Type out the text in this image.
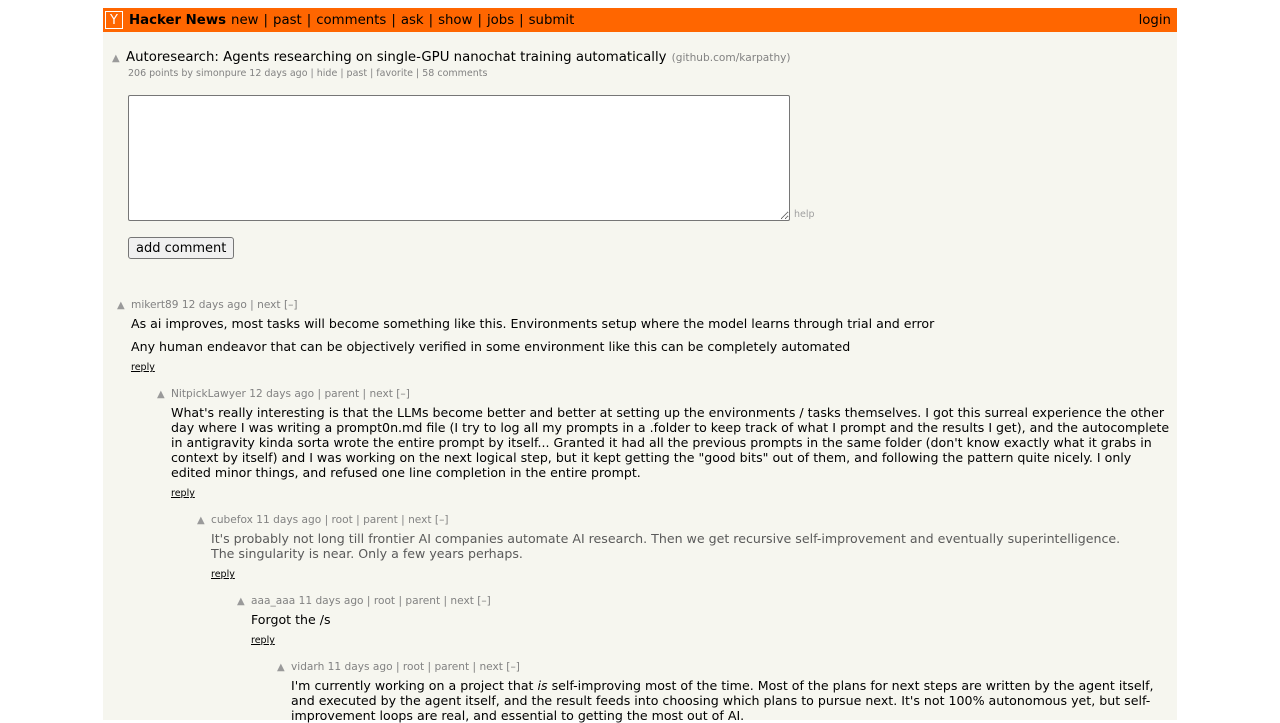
Y Hacker News new | past | comments | ask | show | jobs | submit	login
▲ Autoresearch: Agents researching on single-GPU nanochat training automatically (github.com/karpathy)
206 points by simonpure 12 days ago | hide | past | favorite | 58 comments
help
add comment
▲ mikert89 12 days ago | next [–]

As ai improves, most tasks will become something like this. Environments setup where the model learns through trial and error

Any human endeavor that can be objectively verified in some environment like this can be completely automated

reply
▲ NitpickLawyer 12 days ago | parent | next [–]

What's really interesting is that the LLMs become better and better at setting up the environments / tasks themselves. I got this surreal experience the other day where I was writing a prompt0n.md file (I try to log all my prompts in a .folder to keep track of what I prompt and the results I get), and the autocomplete in antigravity kinda sorta wrote the entire prompt by itself... Granted it had all the previous prompts in the same folder (don't know exactly what it grabs in context by itself) and I was working on the next logical step, but it kept getting the "good bits" out of them, and following the pattern quite nicely. I only edited minor things, and refused one line completion in the entire prompt.

reply
▲ cubefox 11 days ago | root | parent | next [–]

It's probably not long till frontier AI companies automate AI research. Then we get recursive self-improvement and eventually superintelligence. The singularity is near. Only a few years perhaps.

reply
▲ aaa_aaa 11 days ago | root | parent | next [–]

Forgot the /s

reply
▲ vidarh 11 days ago | root | parent | next [–]
I'm currently working on a project that is self-improving most of the time. Most of the plans for next steps are written by the agent itself, and executed by the agent itself, and the result feeds into choosing which plans to pursue next. It's not 100% autonomous yet, but self-improvement loops are real, and essential to getting the most out of AI.
